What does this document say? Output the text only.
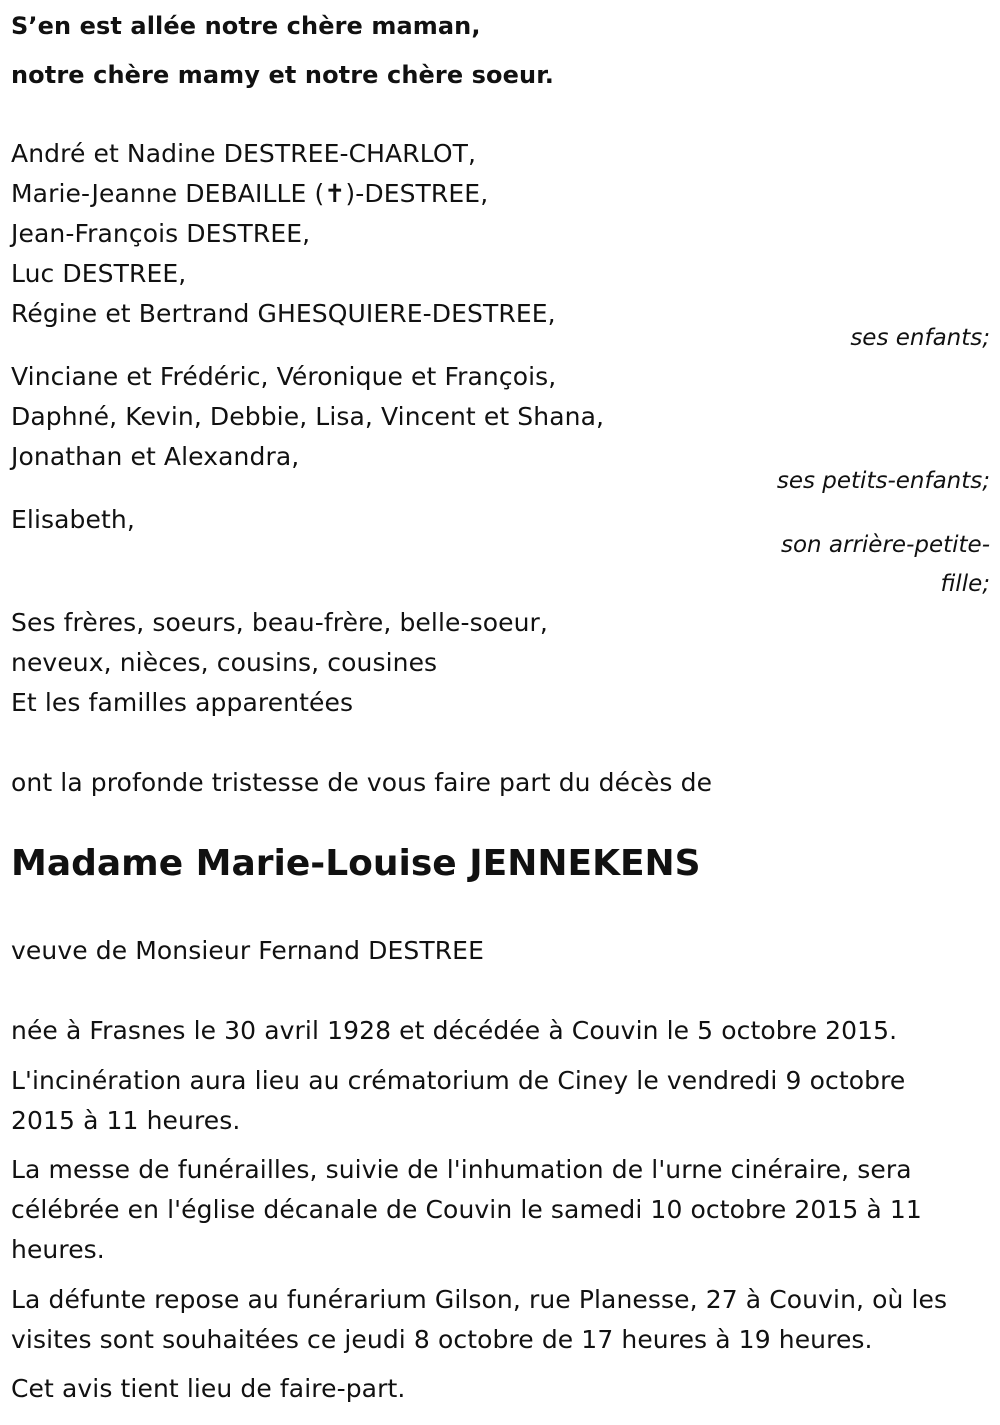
S’en est allée notre chère maman,
notre chère mamy et notre chère soeur.
André et Nadine DESTREE-CHARLOT,
Marie-Jeanne DEBAILLE (✝)-DESTREE,
Jean-François DESTREE,
Luc DESTREE,
Régine et Bertrand GHESQUIERE-DESTREE,
ses enfants;
Vinciane et Frédéric, Véronique et François,
Daphné, Kevin, Debbie, Lisa, Vincent et Shana,
Jonathan et Alexandra,
ses petits-enfants;
Elisabeth,
son arrière-petite-
fille;
Ses frères, soeurs, beau-frère, belle-soeur,
neveux, nièces, cousins, cousines
Et les familles apparentées
ont la profonde tristesse de vous faire part du décès de
Madame Marie-Louise JENNEKENS
veuve de Monsieur Fernand DESTREE
née à Frasnes le 30 avril 1928 et décédée à Couvin le 5 octobre 2015.
L'incinération aura lieu au crématorium de Ciney le vendredi 9 octobre
2015 à 11 heures.
La messe de funérailles, suivie de l'inhumation de l'urne cinéraire, sera
célébrée en l'église décanale de Couvin le samedi 10 octobre 2015 à 11
heures.
La défunte repose au funérarium Gilson, rue Planesse, 27 à Couvin, où les
visites sont souhaitées ce jeudi 8 octobre de 17 heures à 19 heures.
Cet avis tient lieu de faire-part.
